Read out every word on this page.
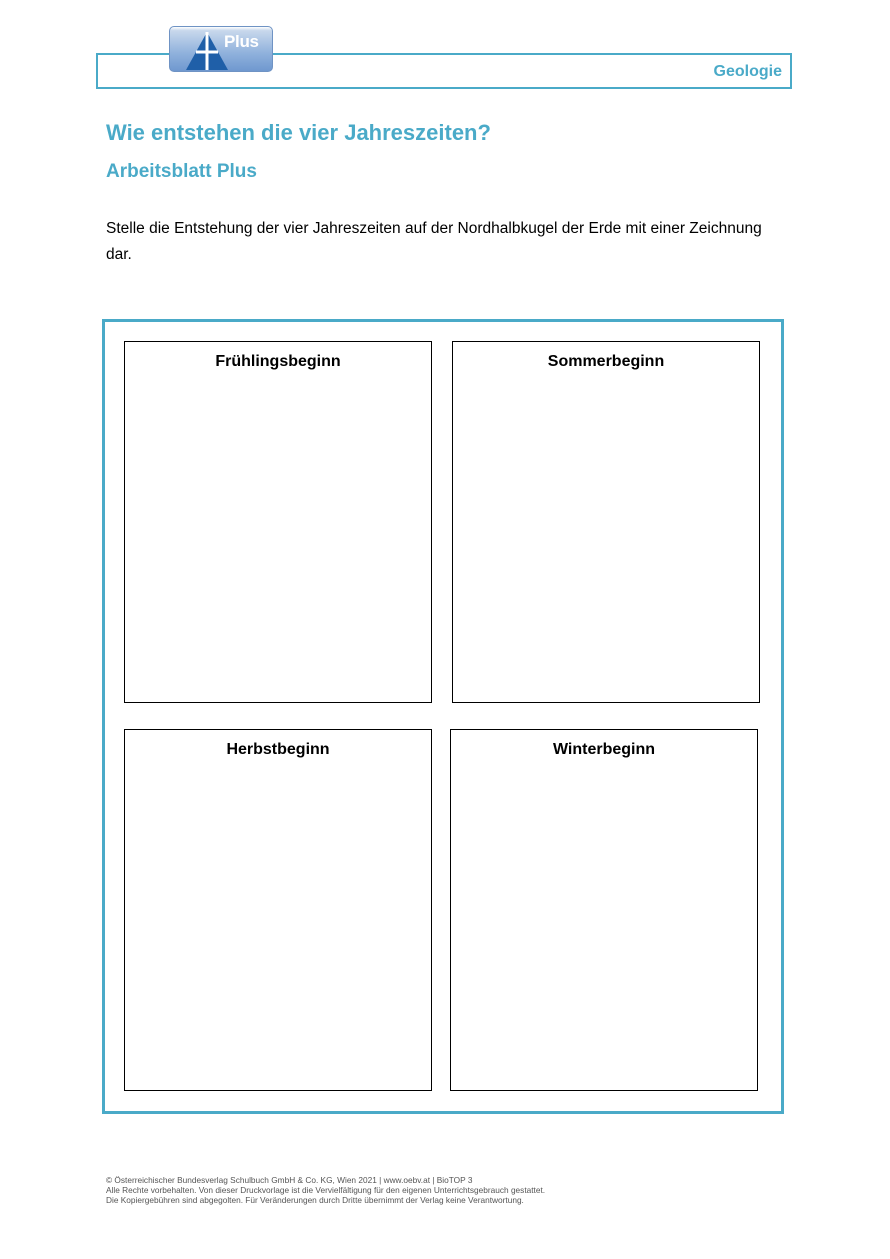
Geologie
Plus
Wie entstehen die vier Jahreszeiten?
Arbeitsblatt Plus

Stelle die Entstehung der vier Jahreszeiten auf der Nordhalbkugel der Erde mit einer Zeichnung dar.

Frühlingsbeginn	Sommerbeginn
Herbstbeginn	Winterbeginn
© Österreichischer Bundesverlag Schulbuch GmbH & Co. KG, Wien 2021 | www.oebv.at | BioTOP 3
Alle Rechte vorbehalten. Von dieser Druckvorlage ist die Vervielfältigung für den eigenen Unterrichtsgebrauch gestattet.
Die Kopiergebühren sind abgegolten. Für Veränderungen durch Dritte übernimmt der Verlag keine Verantwortung.
